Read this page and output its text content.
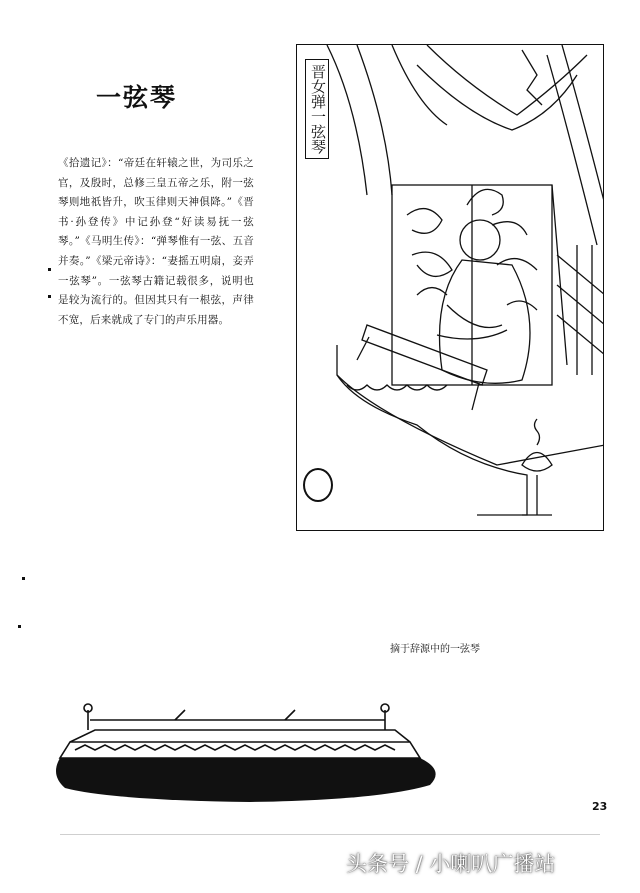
一弦琴
《拾遗记》：“帝廷在轩辕之世，为司乐之官，及殷时，总修三皇五帝之乐，附一弦琴则地祇皆升，吹玉律则天神俱降。”《晋书·孙登传》中记孙登“好读易抚一弦琴。”《马明生传》：“弹琴惟有一弦、五音并奏。”《梁元帝诗》：“妻摇五明扇，妾弄一弦琴”。一弦琴古籍记载很多，说明也是较为流行的。但因其只有一根弦，声律不宽，后来就成了专门的声乐用器。
晋女弹一弦琴
摘于辞源中的一弦琴
23
头条号 / 小喇叭广播站
